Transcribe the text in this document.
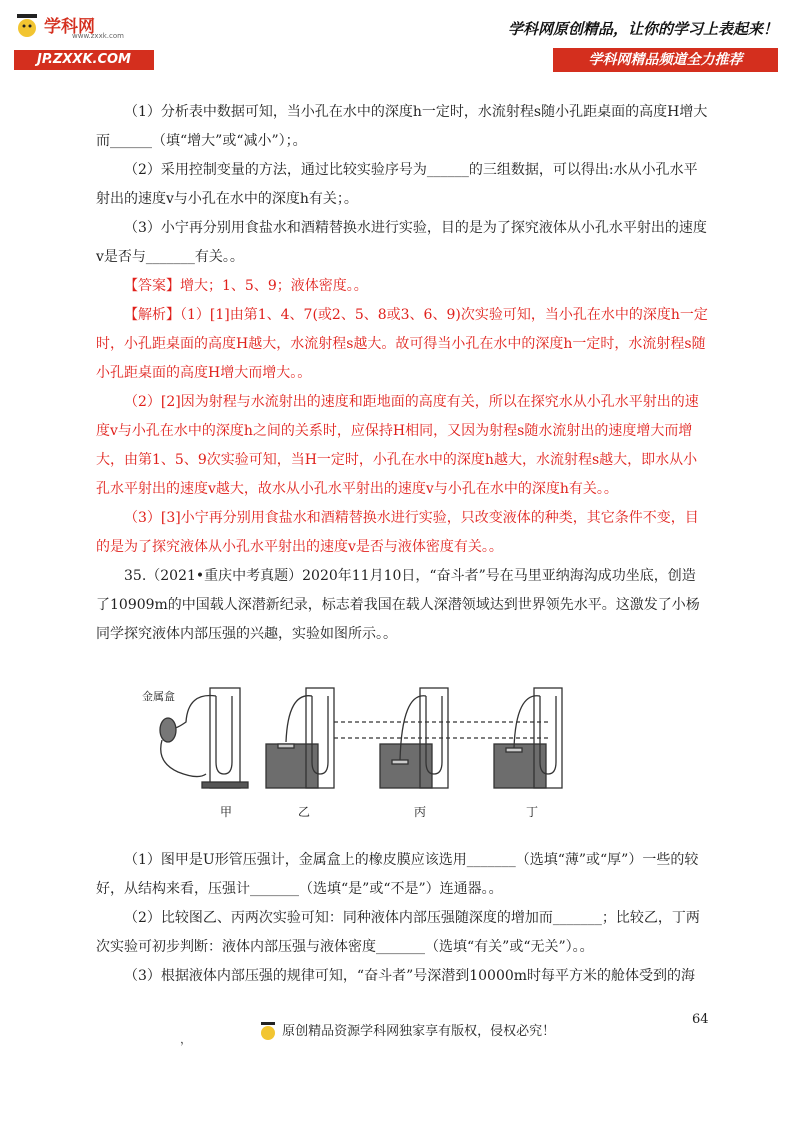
学科网
www.zxxk.com
JP.ZXXK.COM
学科网原创精品，让你的学习上表起来！
学科网精品频道全力推荐

（1）分析表中数据可知，当小孔在水中的深度h一定时，水流射程s随小孔距桌面的高度H增大而______（填“增大”或“减小”）；。

（2）采用控制变量的方法，通过比较实验序号为______的三组数据，可以得出:水从小孔水平射出的速度v与小孔在水中的深度h有关；。

（3）小宁再分别用食盐水和酒精替换水进行实验，目的是为了探究液体从小孔水平射出的速度v是否与_______有关。。

【答案】增大；1、5、9；液体密度。。

【解析】（1）[1]由第1、4、7(或2、5、8或3、6、9)次实验可知，当小孔在水中的深度h一定时，小孔距桌面的高度H越大，水流射程s越大。故可得当小孔在水中的深度h一定时，水流射程s随小孔距桌面的高度H增大而增大。。

（2）[2]因为射程与水流射出的速度和距地面的高度有关，所以在探究水从小孔水平射出的速度v与小孔在水中的深度h之间的关系时，应保持H相同，又因为射程s随水流射出的速度增大而增大，由第1、5、9次实验可知，当H一定时，小孔在水中的深度h越大，水流射程s越大，即水从小孔水平射出的速度v越大，故水从小孔水平射出的速度v与小孔在水中的深度h有关。。

（3）[3]小宁再分别用食盐水和酒精替换水进行实验，只改变液体的种类，其它条件不变，目的是为了探究液体从小孔水平射出的速度v是否与液体密度有关。。

35.（2021•重庆中考真题）2020年11月10日，“奋斗者”号在马里亚纳海沟成功坐底，创造了10909m的中国载人深潜新纪录，标志着我国在载人深潜领域达到世界领先水平。这激发了小杨同学探究液体内部压强的兴趣，实验如图所示。。

金属盒
甲	乙	丙	丁

（1）图甲是U形管压强计，金属盒上的橡皮膜应该选用_______（选填“薄”或“厚”）一些的较好，从结构来看，压强计_______（选填“是”或“不是”）连通器。。

（2）比较图乙、丙两次实验可知：同种液体内部压强随深度的增加而_______；比较乙，丁两次实验可初步判断：液体内部压强与液体密度_______（选填“有关”或“无关”）。。

（3）根据液体内部压强的规律可知，“奋斗者”号深潜到10000m时每平方米的舱体受到的海

64
，	原创精品资源学科网独家享有版权，侵权必究！
